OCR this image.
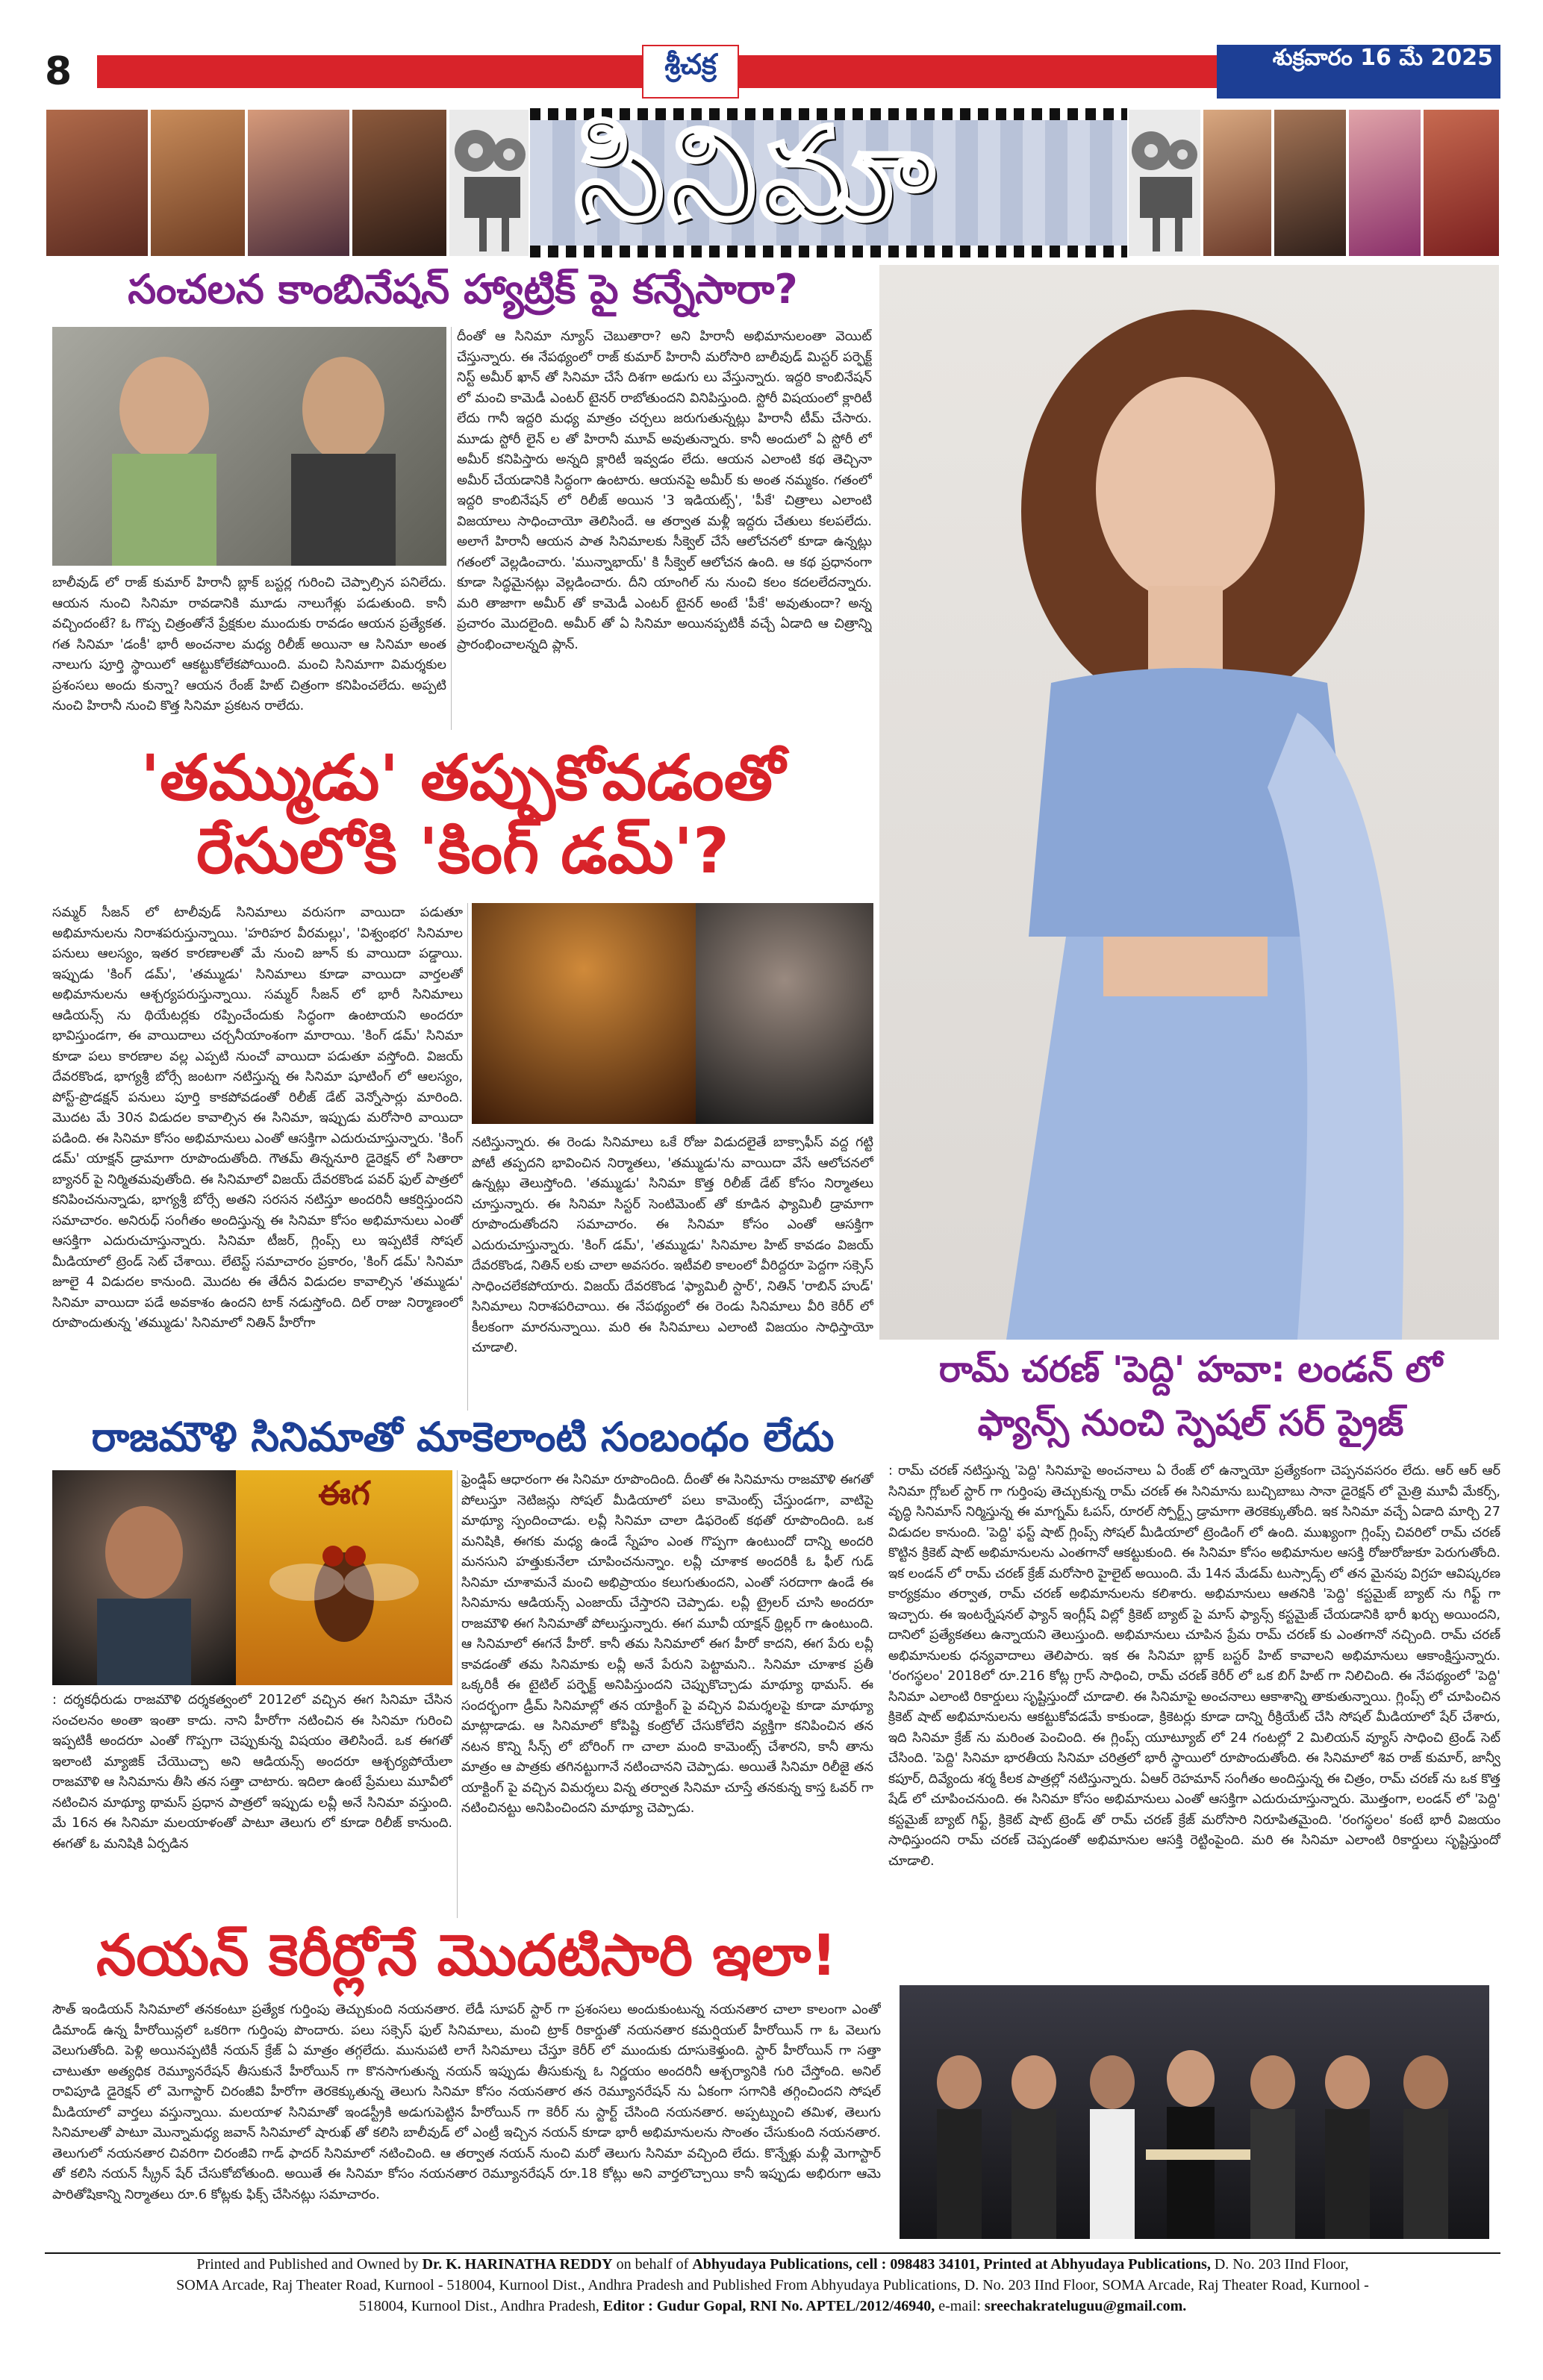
8	శ్రీచక్ర	శుక్రవారం 16 మే 2025
సినిమా
సంచలన కాంబినేషన్ హ్యాట్రిక్ పై కన్నేసారా?
బాలీవుడ్ లో రాజ్ కుమార్ హిరానీ బ్లాక్ బస్టర్ల గురించి చెప్పాల్సిన పనిలేదు. ఆయన నుంచి సినిమా రావడానికి మూడు నాలుగేళ్లు పడుతుంది. కానీ వచ్చిందంటే? ఓ గొప్ప చిత్రంతోనే ప్రేక్షకుల ముందుకు రావడం ఆయన ప్రత్యేకత. గత సినిమా 'డంకీ' భారీ అంచనాల మధ్య రిలీజ్ అయినా ఆ సినిమా అంత నాలుగు పూర్తి స్థాయిలో ఆకట్టుకోలేకపోయింది. మంచి సినిమాగా విమర్శకుల ప్రశంసలు అందు కున్నా? ఆయన రేంజ్ హిట్ చిత్రంగా కనిపించలేదు. అప్పటి నుంచి హిరానీ నుంచి కొత్త సినిమా ప్రకటన రాలేదు.
దీంతో ఆ సినిమా న్యూస్ చెబుతారా? అని హిరానీ అభిమానులంతా వెయిట్ చేస్తున్నారు. ఈ నేపథ్యంలో రాజ్ కుమార్ హిరానీ మరోసారి బాలీవుడ్ మిస్టర్ పర్ఫెక్ట్ నిస్ట్ అమీర్ ఖాన్ తో సినిమా చేసే దిశగా అడుగు లు వేస్తున్నారు. ఇద్దరి కాంబినేషన్ లో మంచి కామెడీ ఎంటర్ టైనర్ రాబోతుందని వినిపిస్తుంది. స్టోరీ విషయంలో క్లారిటీ లేదు గానీ ఇద్దరి మధ్య మాత్రం చర్చలు జరుగుతున్నట్లు హిరానీ టీమ్ చేసారు. మూడు స్టోరీ లైన్ ల తో హిరానీ మూవ్ అవుతున్నారు. కానీ అందులో ఏ స్టోరీ లో అమీర్ కనిపిస్తారు అన్నది క్లారిటీ ఇవ్వడం లేదు. ఆయన ఎలాంటి కథ తెచ్చినా అమీర్ చేయడానికి సిద్ధంగా ఉంటారు. ఆయనపై అమీర్ కు అంత నమ్మకం. గతంలో ఇద్దరి కాంబినేషన్ లో రిలీజ్ అయిన '3 ఇడియట్స్', 'పీకే' చిత్రాలు ఎలాంటి విజయాలు సాధించాయో తెలిసిందే. ఆ తర్వాత మళ్లీ ఇద్దరు చేతులు కలపలేదు. అలాగే హిరానీ ఆయన పాత సినిమాలకు సీక్వెల్ చేసే ఆలోచనలో కూడా ఉన్నట్లు గతంలో వెల్లడించారు. 'మున్నాభాయ్' కి సీక్వెల్ ఆలోచన ఉంది. ఆ కథ ప్రధానంగా కూడా సిద్ధమైనట్లు వెల్లడించారు. దీని యాంగిల్ ను నుంచి కలం కదలలేదన్నారు. మరి తాజాగా అమీర్ తో కామెడీ ఎంటర్ టైనర్ అంటే 'పీకే' అవుతుందా? అన్న ప్రచారం మొదలైంది. అమీర్ తో ఏ సినిమా అయినప్పటికీ వచ్చే ఏడాది ఆ చిత్రాన్ని ప్రారంభించాలన్నది ప్లాన్.
'తమ్ముడు' తప్పుకోవడంతో
రేసులోకి 'కింగ్ డమ్'?
సమ్మర్ సీజన్ లో టాలీవుడ్ సినిమాలు వరుసగా వాయిదా పడుతూ అభిమానులను నిరాశపరుస్తున్నాయి. 'హరిహర వీరమల్లు', 'విశ్వంభర' సినిమాల పనులు ఆలస్యం, ఇతర కారణాలతో మే నుంచి జూన్ కు వాయిదా పడ్డాయి. ఇప్పుడు 'కింగ్ డమ్', 'తమ్ముడు' సినిమాలు కూడా వాయిదా వార్తలతో అభిమానులను ఆశ్చర్యపరుస్తున్నాయి. సమ్మర్ సీజన్ లో భారీ సినిమాలు ఆడియన్స్ ను థియేటర్లకు రప్పించేందుకు సిద్ధంగా ఉంటాయని అందరూ భావిస్తుండగా, ఈ వాయిదాలు చర్చనీయాంశంగా మారాయి. 'కింగ్ డమ్' సినిమా కూడా పలు కారణాల వల్ల ఎప్పటి నుంచో వాయిదా పడుతూ వస్తోంది. విజయ్ దేవరకొండ, భాగ్యశ్రీ బోర్సే జంటగా నటిస్తున్న ఈ సినిమా షూటింగ్ లో ఆలస్యం, పోస్ట్-ప్రొడక్షన్ పనులు పూర్తి కాకపోవడంతో రిలీజ్ డేట్ వెన్నోసార్లు మారింది. మొదట మే 30న విడుదల కావాల్సిన ఈ సినిమా, ఇప్పుడు మరోసారి వాయిదా పడింది. ఈ సినిమా కోసం అభిమానులు ఎంతో ఆసక్తిగా ఎదురుచూస్తున్నారు. 'కింగ్ డమ్' యాక్షన్ డ్రామాగా రూపొందుతోంది. గౌతమ్ తిన్ననూరి డైరెక్షన్ లో సితారా బ్యానర్ పై నిర్మితమవుతోంది. ఈ సినిమాలో విజయ్ దేవరకొండ పవర్ ఫుల్ పాత్రలో కనిపించనున్నాడు, భాగ్యశ్రీ బోర్సే అతని సరసన నటిస్తూ అందరినీ ఆకర్షిస్తుందని సమాచారం. అనిరుధ్ సంగీతం అందిస్తున్న ఈ సినిమా కోసం అభిమానులు ఎంతో ఆసక్తిగా ఎదురుచూస్తున్నారు. సినిమా టీజర్, గ్లింప్స్ లు ఇప్పటికే సోషల్ మీడియాలో ట్రెండ్ సెట్ చేశాయి. లేటెస్ట్ సమాచారం ప్రకారం, 'కింగ్ డమ్' సినిమా జూలై 4 విడుదల కానుంది. మొదట ఈ తేదీన విడుదల కావాల్సిన 'తమ్ముడు' సినిమా వాయిదా పడే అవకాశం ఉందని టాక్ నడుస్తోంది. దిల్ రాజు నిర్మాణంలో రూపొందుతున్న 'తమ్ముడు' సినిమాలో నితిన్ హీరోగా
నటిస్తున్నారు. ఈ రెండు సినిమాలు ఒకే రోజు విడుదలైతే బాక్సాఫీస్ వద్ద గట్టి పోటీ తప్పదని భావించిన నిర్మాతలు, 'తమ్ముడు'ను వాయిదా వేసే ఆలోచనలో ఉన్నట్లు తెలుస్తోంది. 'తమ్ముడు' సినిమా కొత్త రిలీజ్ డేట్ కోసం నిర్మాతలు చూస్తున్నారు. ఈ సినిమా సిస్టర్ సెంటిమెంట్ తో కూడిన ఫ్యామిలీ డ్రామాగా రూపొందుతోందని సమాచారం. ఈ సినిమా కోసం ఎంతో ఆసక్తిగా ఎదురుచూస్తున్నారు. 'కింగ్ డమ్', 'తమ్ముడు' సినిమాల హిట్ కావడం విజయ్ దేవరకొండ, నితిన్ లకు చాలా అవసరం. ఇటీవలి కాలంలో వీరిద్దరూ పెద్దగా సక్సెస్ సాధించలేకపోయారు. విజయ్ దేవరకొండ 'ఫ్యామిలీ స్టార్', నితిన్ 'రాబిన్ హుడ్' సినిమాలు నిరాశపరిచాయి. ఈ నేపథ్యంలో ఈ రెండు సినిమాలు వీరి కెరీర్ లో కీలకంగా మారనున్నాయి. మరి ఈ సినిమాలు ఎలాంటి విజయం సాధిస్తాయో చూడాలి.
రామ్ చరణ్ 'పెద్ది' హవా: లండన్ లో
ఫ్యాన్స్ నుంచి స్పెషల్ సర్ ప్రైజ్
: రామ్ చరణ్ నటిస్తున్న 'పెద్ది' సినిమాపై అంచనాలు ఏ రేంజ్ లో ఉన్నాయో ప్రత్యేకంగా చెప్పనవసరం లేదు. ఆర్ ఆర్ ఆర్ సినిమా గ్లోబల్ స్టార్ గా గుర్తింపు తెచ్చుకున్న రామ్ చరణ్ ఈ సినిమాను బుచ్చిబాబు సానా డైరెక్షన్ లో మైత్రి మూవీ మేకర్స్, వృద్ధి సినిమాస్ నిర్మిస్తున్న ఈ మాగ్నమ్ ఓపస్, రూరల్ స్పోర్ట్స్ డ్రామాగా తెరకెక్కుతోంది. ఇక సినిమా వచ్చే ఏడాది మార్చి 27 విడుదల కానుంది. 'పెద్ది' ఫస్ట్ షాట్ గ్లింప్స్ సోషల్ మీడియాలో ట్రెండింగ్ లో ఉంది. ముఖ్యంగా గ్లింప్స్ చివరిలో రామ్ చరణ్ కొట్టిన క్రికెట్ షాట్ అభిమానులను ఎంతగానో ఆకట్టుకుంది. ఈ సినిమా కోసం అభిమానుల ఆసక్తి రోజురోజుకూ పెరుగుతోంది. ఇక లండన్ లో రామ్ చరణ్ క్రేజ్ మరోసారి హైలైట్ అయింది. మే 14న మేడమ్ టుస్సాడ్స్ లో తన మైనపు విగ్రహ ఆవిష్కరణ కార్యక్రమం తర్వాత, రామ్ చరణ్ అభిమానులను కలిశారు. అభిమానులు ఆతనికి 'పెద్ది' కస్టమైజ్ బ్యాట్ ను గిఫ్ట్ గా ఇచ్చారు. ఈ ఇంటర్నేషనల్ ఫ్యాన్ ఇంగ్లీష్ విల్లో క్రికెట్ బ్యాట్ పై మాస్ ఫ్యాన్స్ కస్టమైజ్ చేయడానికి భారీ ఖర్చు అయిందని, దానిలో ప్రత్యేకతలు ఉన్నాయని తెలుస్తుంది. అభిమానులు చూపిన ప్రేమ రామ్ చరణ్ కు ఎంతగానో నచ్చింది. రామ్ చరణ్ అభిమానులకు ధన్యవాదాలు తెలిపారు. ఇక ఈ సినిమా బ్లాక్ బస్టర్ హిట్ కావాలని అభిమానులు ఆకాంక్షిస్తున్నారు. 'రంగస్థలం' 2018లో రూ.216 కోట్ల గ్రాస్ సాధించి, రామ్ చరణ్ కెరీర్ లో ఒక బిగ్ హిట్ గా నిలిచింది. ఈ నేపథ్యంలో 'పెద్ది' సినిమా ఎలాంటి రికార్డులు సృష్టిస్తుందో చూడాలి. ఈ సినిమాపై అంచనాలు ఆకాశాన్ని తాకుతున్నాయి. గ్లింప్స్ లో చూపించిన క్రికెట్ షాట్ అభిమానులను ఆకట్టుకోవడమే కాకుండా, క్రికెటర్లు కూడా దాన్ని రీక్రియేట్ చేసి సోషల్ మీడియాలో షేర్ చేశారు, ఇది సినిమా క్రేజ్ ను మరింత పెంచింది. ఈ గ్లింప్స్ యూట్యూబ్ లో 24 గంటల్లో 2 మిలియన్ వ్యూస్ సాధించి ట్రెండ్ సెట్ చేసింది. 'పెద్ది' సినిమా భారతీయ సినిమా చరిత్రలో భారీ స్థాయిలో రూపొందుతోంది. ఈ సినిమాలో శివ రాజ్ కుమార్, జాన్వీ కపూర్, దివ్యేందు శర్మ కీలక పాత్రల్లో నటిస్తున్నారు. ఏఆర్ రెహమాన్ సంగీతం అందిస్తున్న ఈ చిత్రం, రామ్ చరణ్ ను ఒక కొత్త షేడ్ లో చూపించనుంది. ఈ సినిమా కోసం అభిమానులు ఎంతో ఆసక్తిగా ఎదురుచూస్తున్నారు. మొత్తంగా, లండన్ లో 'పెద్ది' కస్టమైజ్ బ్యాట్ గిఫ్ట్, క్రికెట్ షాట్ ట్రెండ్ తో రామ్ చరణ్ క్రేజ్ మరోసారి నిరూపితమైంది. 'రంగస్థలం' కంటే భారీ విజయం సాధిస్తుందని రామ్ చరణ్ చెప్పడంతో అభిమానుల ఆసక్తి రెట్టింపైంది. మరి ఈ సినిమా ఎలాంటి రికార్డులు సృష్టిస్తుందో చూడాలి.
రాజమౌళి సినిమాతో మాకెలాంటి సంబంధం లేదు
ఈగ
: దర్శకధీరుడు రాజమౌళి దర్శకత్వంలో 2012లో వచ్చిన ఈగ సినిమా చేసిన సంచలనం అంతా ఇంతా కాదు. నాని హీరోగా నటించిన ఈ సినిమా గురించి ఇప్పటికీ అందరూ ఎంతో గొప్పగా చెప్పుకున్న విషయం తెలిసిందే. ఒక ఈగతో ఇలాంటి మ్యాజిక్ చేయొచ్చా అని ఆడియన్స్ అందరూ ఆశ్చర్యపోయేలా రాజమౌళి ఆ సినిమాను తీసి తన సత్తా చాటారు. ఇదిలా ఉంటే ప్రేమలు మూవీలో నటించిన మాథ్యూ థామస్ ప్రధాన పాత్రలో ఇప్పుడు లవ్లీ అనే సినిమా వస్తుంది. మే 16న ఈ సినిమా మలయాళంతో పాటూ తెలుగు లో కూడా రిలీజ్ కానుంది. ఈగతో ఓ మనిషికి ఏర్పడిన
ఫ్రెండ్షిప్ ఆధారంగా ఈ సినిమా రూపొందింది. దీంతో ఈ సినిమాను రాజమౌళి ఈగతో పోలుస్తూ నెటిజన్లు సోషల్ మీడియాలో పలు కామెంట్స్ చేస్తుండగా, వాటిపై మాథ్యూ స్పందించాడు. లవ్లీ సినిమా చాలా డిఫరెంట్ కథతో రూపొందింది. ఒక మనిషికి, ఈగకు మధ్య ఉండే స్నేహం ఎంత గొప్పగా ఉంటుందో దాన్ని అందరి మనసుని హత్తుకునేలా చూపించనున్నాం. లవ్లీ చూశాక అందరికీ ఓ ఫీల్ గుడ్ సినిమా చూశామనే మంచి అభిప్రాయం కలుగుతుందని, ఎంతో సరదాగా ఉండే ఈ సినిమాను ఆడియన్స్ ఎంజాయ్ చేస్తారని చెప్పాడు. లవ్లీ ట్రైలర్ చూసి అందరూ రాజమౌళి ఈగ సినిమాతో పోలుస్తున్నారు. ఈగ మూవీ యాక్షన్ థ్రిల్లర్ గా ఉంటుంది. ఆ సినిమాలో ఈగనే హీరో. కానీ తమ సినిమాలో ఈగ హీరో కాదని, ఈగ పేరు లవ్లీ కావడంతో తమ సినిమాకు లవ్లీ అనే పేరుని పెట్టామని.. సినిమా చూశాక ప్రతీ ఒక్కరికీ ఈ టైటిల్ పర్ఫెక్ట్ అనిపిస్తుందని చెప్పుకొచ్చాడు మాథ్యూ థామస్. ఈ సందర్భంగా డ్రీమ్ సినిమాల్లో తన యాక్టింగ్ పై వచ్చిన విమర్శలపై కూడా మాథ్యూ మాట్లాడాడు. ఆ సినిమాలో కోపిష్టి కంట్రోల్ చేసుకోలేని వ్యక్తిగా కనిపించిన తన నటన కొన్ని సీన్స్ లో బోరింగ్ గా చాలా మంది కామెంట్స్ చేశారని, కానీ తాను మాత్రం ఆ పాత్రకు తగినట్టుగానే నటించానని చెప్పాడు. అయితే సినిమా రిలీజై తన యాక్టింగ్ పై వచ్చిన విమర్శలు విన్న తర్వాత సినిమా చూస్తే తనకున్న కాస్త ఓవర్ గా నటించినట్టు అనిపించిందని మాథ్యూ చెప్పాడు.
నయన్ కెరీర్లోనే మొదటిసారి ఇలా!
సౌత్ ఇండియన్ సినిమాలో తనకంటూ ప్రత్యేక గుర్తింపు తెచ్చుకుంది నయనతార. లేడీ సూపర్ స్టార్ గా ప్రశంసలు అందుకుంటున్న నయనతార చాలా కాలంగా ఎంతో డిమాండ్ ఉన్న హీరోయిన్లలో ఒకరిగా గుర్తింపు పొందారు. పలు సక్సెస్ ఫుల్ సినిమాలు, మంచి ట్రాక్ రికార్డుతో నయనతార కమర్షియల్ హీరోయిన్ గా ఓ వెలుగు వెలుగుతోంది. పెళ్లి అయినప్పటికీ నయన్ క్రేజ్ ఏ మాత్రం తగ్గలేదు. మునుపటి లాగే సినిమాలు చేస్తూ కెరీర్ లో ముందుకు దూసుకెళ్తుంది. స్టార్ హీరోయిన్ గా సత్తా చాటుతూ అత్యధిక రెమ్యూనరేషన్ తీసుకునే హీరోయిన్ గా కొనసాగుతున్న నయన్ ఇప్పుడు తీసుకున్న ఓ నిర్ణయం అందరినీ ఆశ్చర్యానికి గురి చేస్తోంది. అనిల్ రావిపూడి డైరెక్షన్ లో మెగాస్టార్ చిరంజీవి హీరోగా తెరకెక్కుతున్న తెలుగు సినిమా కోసం నయనతార తన రెమ్యూనరేషన్ ను ఏకంగా సగానికి తగ్గించిందని సోషల్ మీడియాలో వార్తలు వస్తున్నాయి. మలయాళ సినిమాతో ఇండస్ట్రీకి అడుగుపెట్టిన హీరోయిన్ గా కెరీర్ ను స్టార్ట్ చేసింది నయనతార. అప్పట్నుంచి తమిళ, తెలుగు సినిమాలతో పాటూ మొన్నామధ్య జవాన్ సినిమాలో షారుఖ్ తో కలిసి బాలీవుడ్ లో ఎంట్రీ ఇచ్చిన నయన్ కూడా భారీ అభిమానులను సొంతం చేసుకుంది నయనతార. తెలుగులో నయనతార చివరిగా చిరంజీవి గాడ్ ఫాదర్ సినిమాలో నటించింది. ఆ తర్వాత నయన్ నుంచి మరో తెలుగు సినిమా వచ్చింది లేదు. కొన్నేళ్లు మళ్లీ మెగాస్టార్ తో కలిసి నయన్ స్క్రీన్ షేర్ చేసుకోబోతుంది. అయితే ఈ సినిమా కోసం నయనతార రెమ్యూనరేషన్ రూ.18 కోట్లు అని వార్తలొచ్చాయి కానీ ఇప్పుడు అభిరుగా ఆమె పారితోషికాన్ని నిర్మాతలు రూ.6 కోట్లకు ఫిక్స్ చేసినట్లు సమాచారం.
Printed and Published and Owned by Dr. K. HARINATHA REDDY on behalf of Abhyudaya Publications, cell : 098483 34101, Printed at Abhyudaya Publications, D. No. 203 IInd Floor,
SOMA Arcade, Raj Theater Road, Kurnool - 518004, Kurnool Dist., Andhra Pradesh and Published From Abhyudaya Publications, D. No. 203 IInd Floor, SOMA Arcade, Raj Theater Road, Kurnool -
518004, Kurnool Dist., Andhra Pradesh, Editor : Gudur Gopal, RNI No. APTEL/2012/46940, e-mail: sreechakrateluguu@gmail.com.
